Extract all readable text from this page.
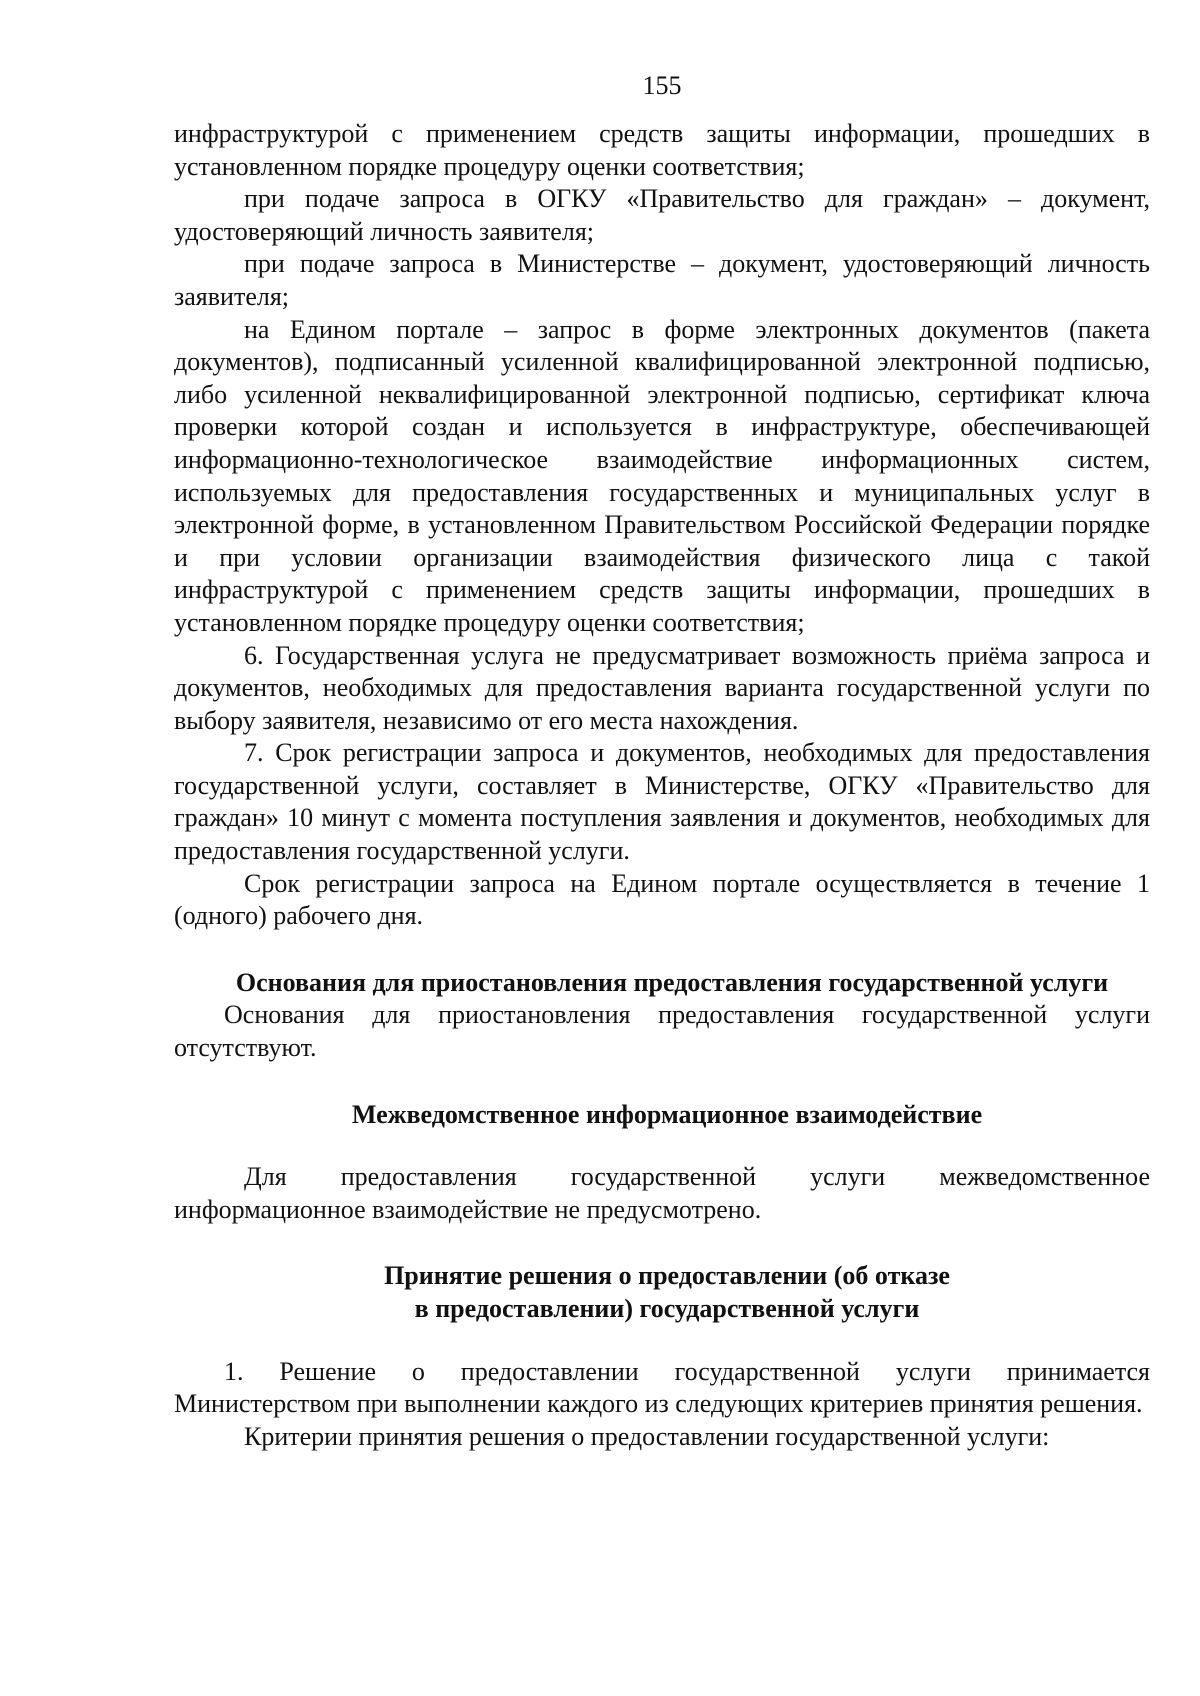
155

инфраструктурой с применением средств защиты информации, прошедших в установленном порядке процедуру оценки соответствия;

при подаче запроса в ОГКУ «Правительство для граждан» – документ, удостоверяющий личность заявителя;

при подаче запроса в Министерстве – документ, удостоверяющий личность заявителя;

на Едином портале – запрос в форме электронных документов (пакета документов), подписанный усиленной квалифицированной электронной подписью, либо усиленной неквалифицированной электронной подписью, сертификат ключа проверки которой создан и используется в инфраструктуре, обеспечивающей информационно-технологическое взаимодействие информационных систем, используемых для предоставления государственных и муниципальных услуг в электронной форме, в установленном Правительством Российской Федерации порядке и при условии организации взаимодействия физического лица с такой инфраструктурой с применением средств защиты информации, прошедших в установленном порядке процедуру оценки соответствия;

6. Государственная услуга не предусматривает возможность приёма запроса и документов, необходимых для предоставления варианта государственной услуги по выбору заявителя, независимо от его места нахождения.

7. Срок регистрации запроса и документов, необходимых для предоставления государственной услуги, составляет в Министерстве, ОГКУ «Правительство для граждан» 10 минут с момента поступления заявления и документов, необходимых для предоставления государственной услуги.

Срок регистрации запроса на Едином портале осуществляется в течение 1 (одного) рабочего дня.

Основания для приостановления предоставления государственной услуги

Основания для приостановления предоставления государственной услуги отсутствуют.

Межведомственное информационное взаимодействие

Для предоставления государственной услуги межведомственное информационное взаимодействие не предусмотрено.

Принятие решения о предоставлении (об отказе
в предоставлении) государственной услуги

1. Решение о предоставлении государственной услуги принимается Министерством при выполнении каждого из следующих критериев принятия решения.

Критерии принятия решения о предоставлении государственной услуги:
